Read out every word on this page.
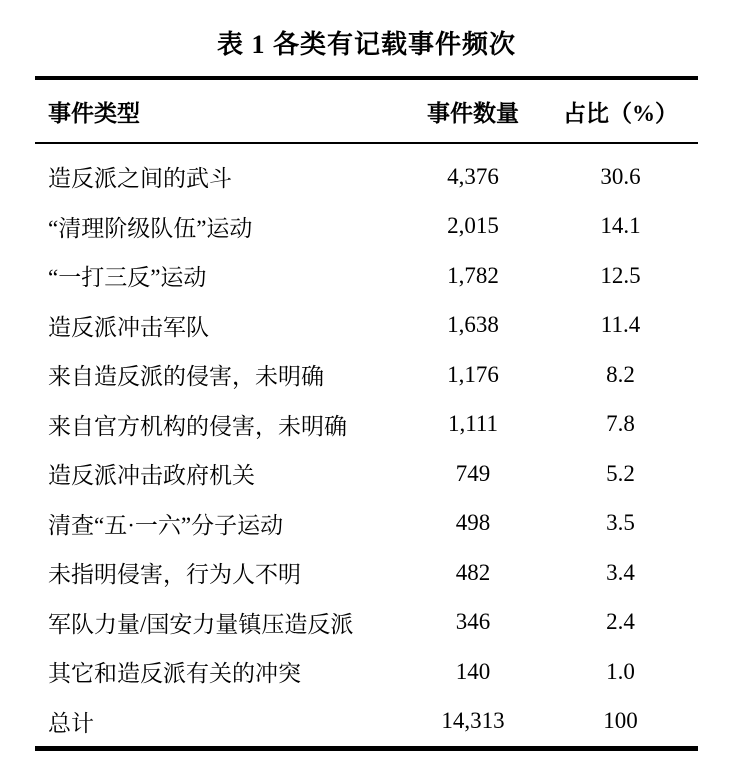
表 1 各类有记载事件频次
事件类型	事件数量	占比（%）
造反派之间的武斗	4,376	30.6
“清理阶级队伍”运动	2,015	14.1
“一打三反”运动	1,782	12.5
造反派冲击军队	1,638	11.4
来自造反派的侵害，未明确	1,176	8.2
来自官方机构的侵害，未明确	1,111	7.8
造反派冲击政府机关	749	5.2
清查“五·一六”分子运动	498	3.5
未指明侵害，行为人不明	482	3.4
军队力量/国安力量镇压造反派	346	2.4
其它和造反派有关的冲突	140	1.0
总计	14,313	100
